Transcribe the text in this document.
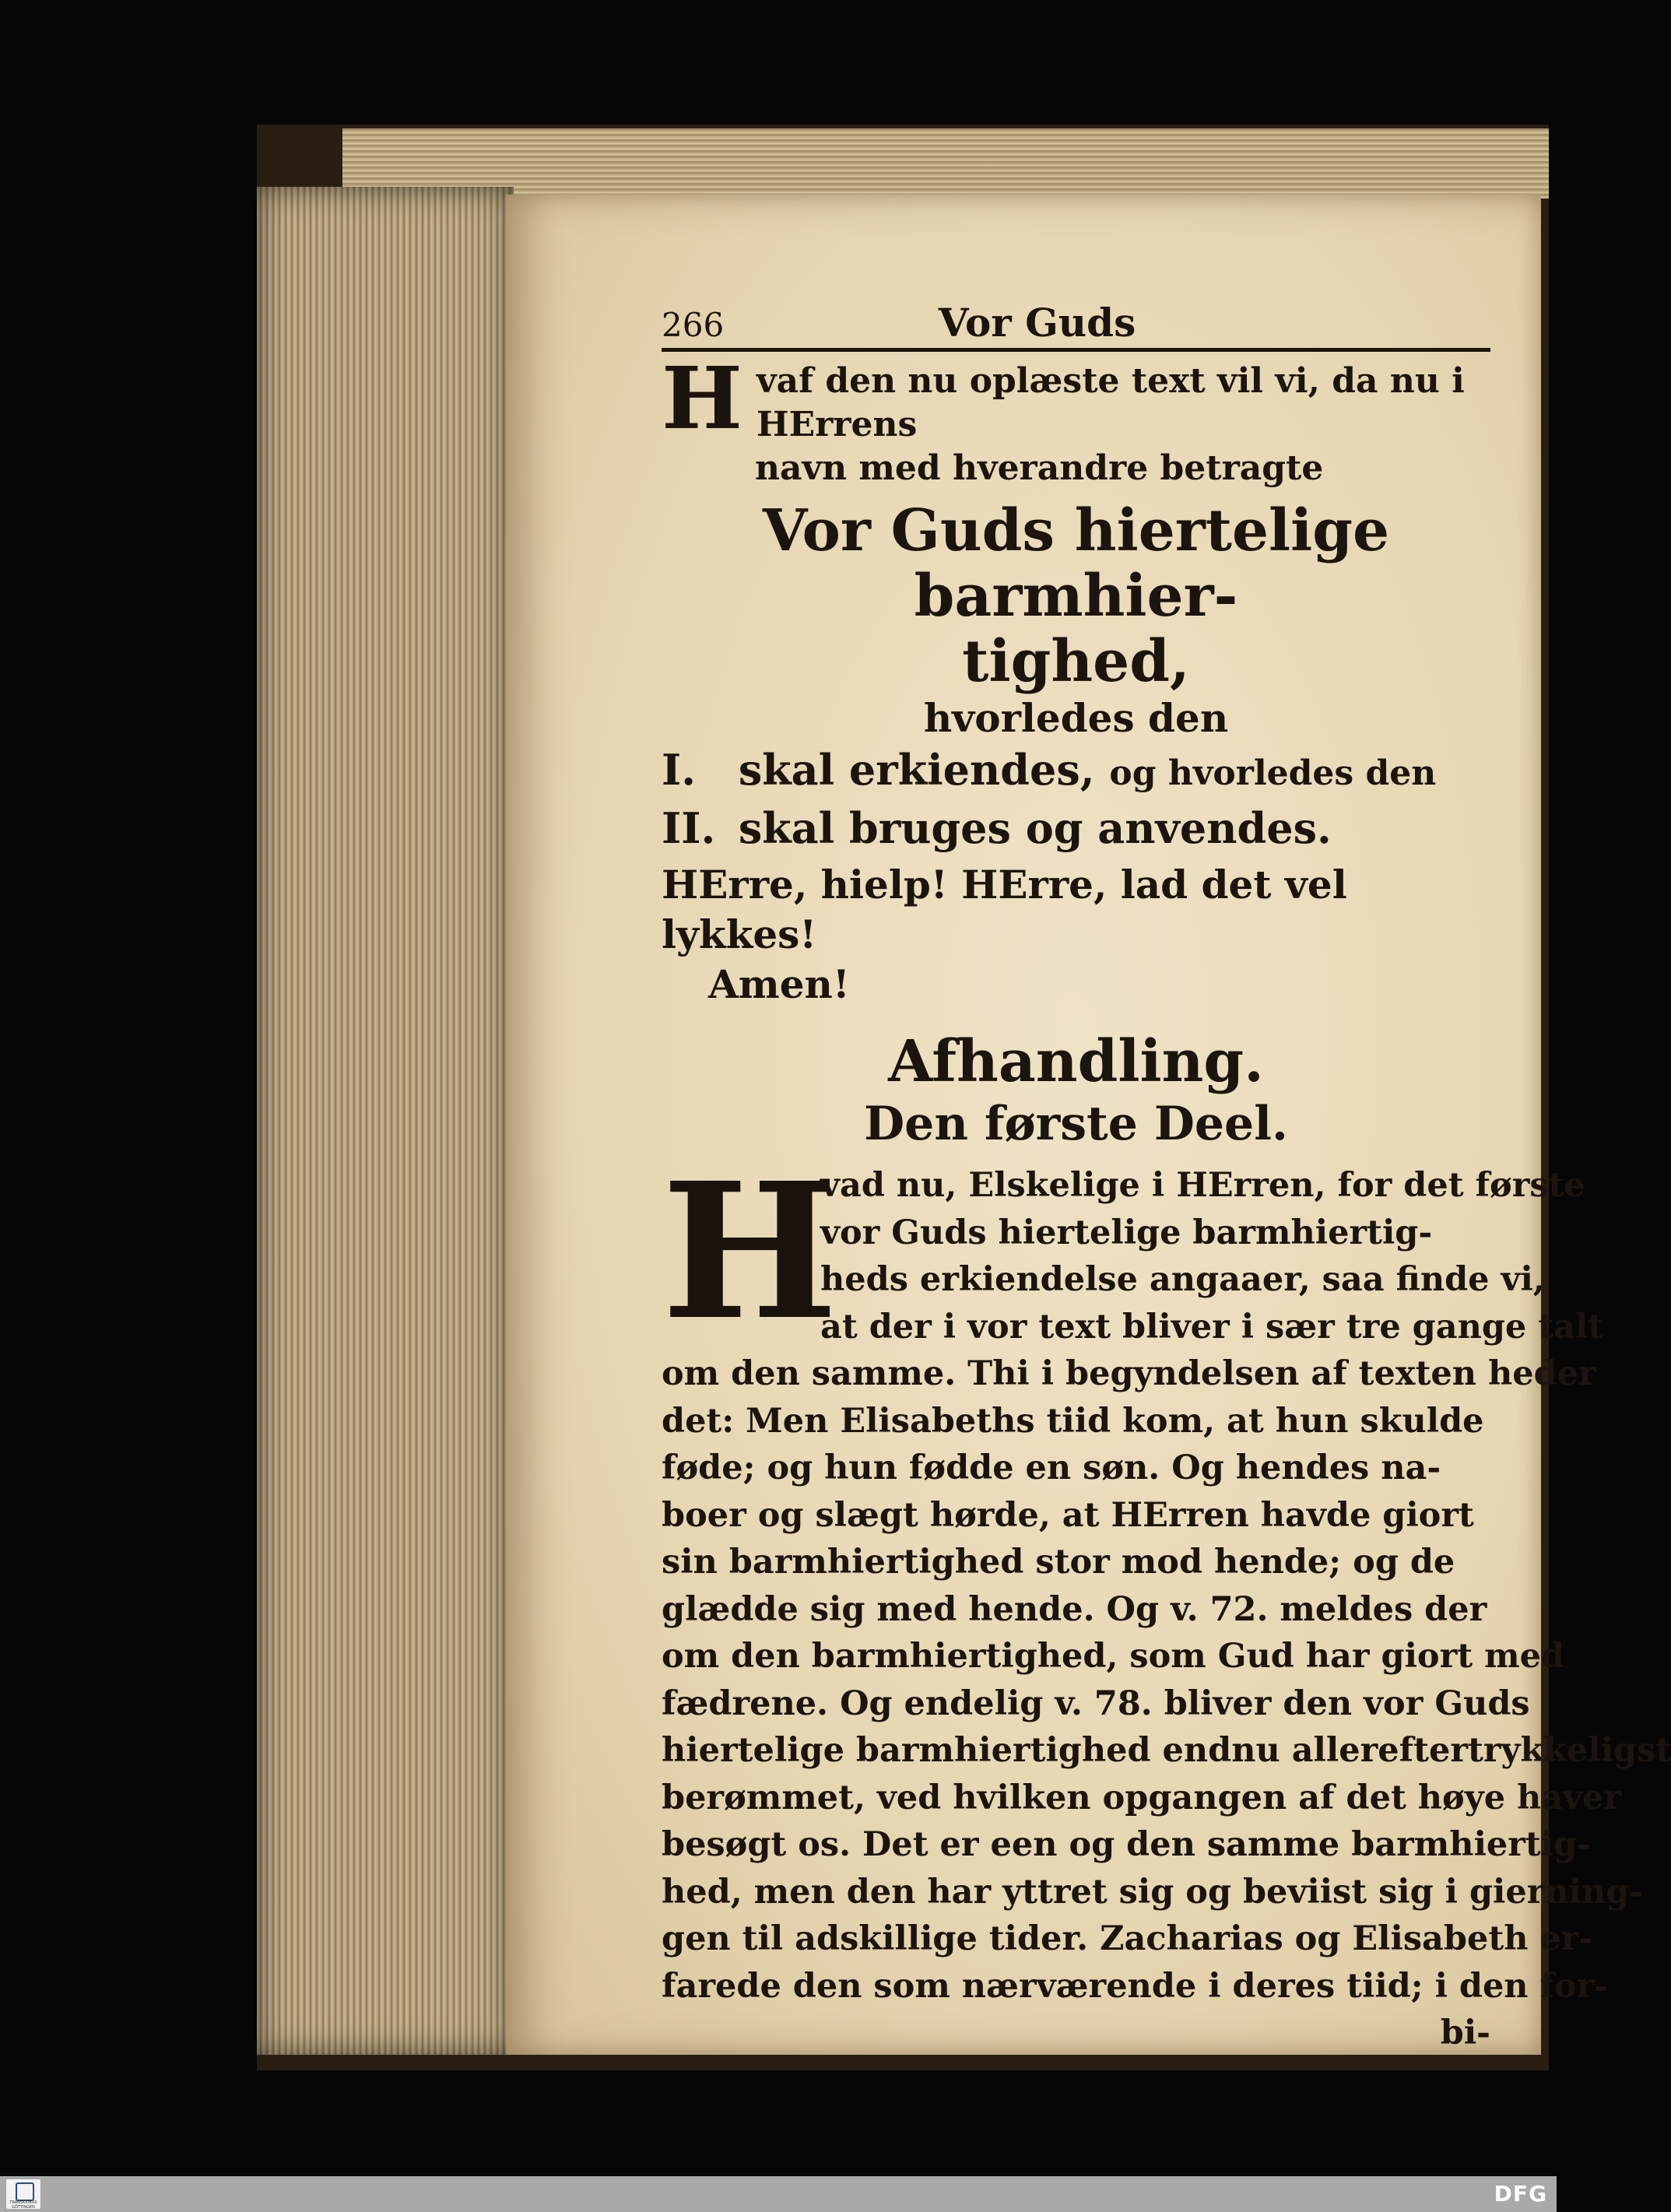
266	Vor Guds
H vaf den nu oplæste text vil vi, da nu i HErrens
navn med hverandre betragte
Vor Guds hiertelige barmhier-
tighed,
hvorledes den
I. skal erkiendes, og hvorledes den
II. skal bruges og anvendes.
HErre, hielp! HErre, lad det vel lykkes!
Amen!
Afhandling.
Den første Deel.
H
vad nu, Elskelige i HErren, for det første
vor Guds hiertelige barmhiertig-
heds erkiendelse angaaer, saa finde vi,
at der i vor text bliver i sær tre gange talt
om den samme. Thi i begyndelsen af texten heder
det: Men Elisabeths tiid kom, at hun skulde
føde; og hun fødde en søn. Og hendes na-
boer og slægt hørde, at HErren havde giort
sin barmhiertighed stor mod hende; og de
glædde sig med hende. Og v. 72. meldes der
om den barmhiertighed, som Gud har giort med
fædrene. Og endelig v. 78. bliver den vor Guds
hiertelige barmhiertighed endnu allereftertrykkeligst
berømmet, ved hvilken opgangen af det høye haver
besøgt os. Det er een og den samme barmhiertig-
hed, men den har yttret sig og beviist sig i gierning-
gen til adskillige tider. Zacharias og Elisabeth er-
farede den som nærværende i deres tiid; i den for-
bi-
TRANSKRIBUS GÖTTINGEN
DFG
